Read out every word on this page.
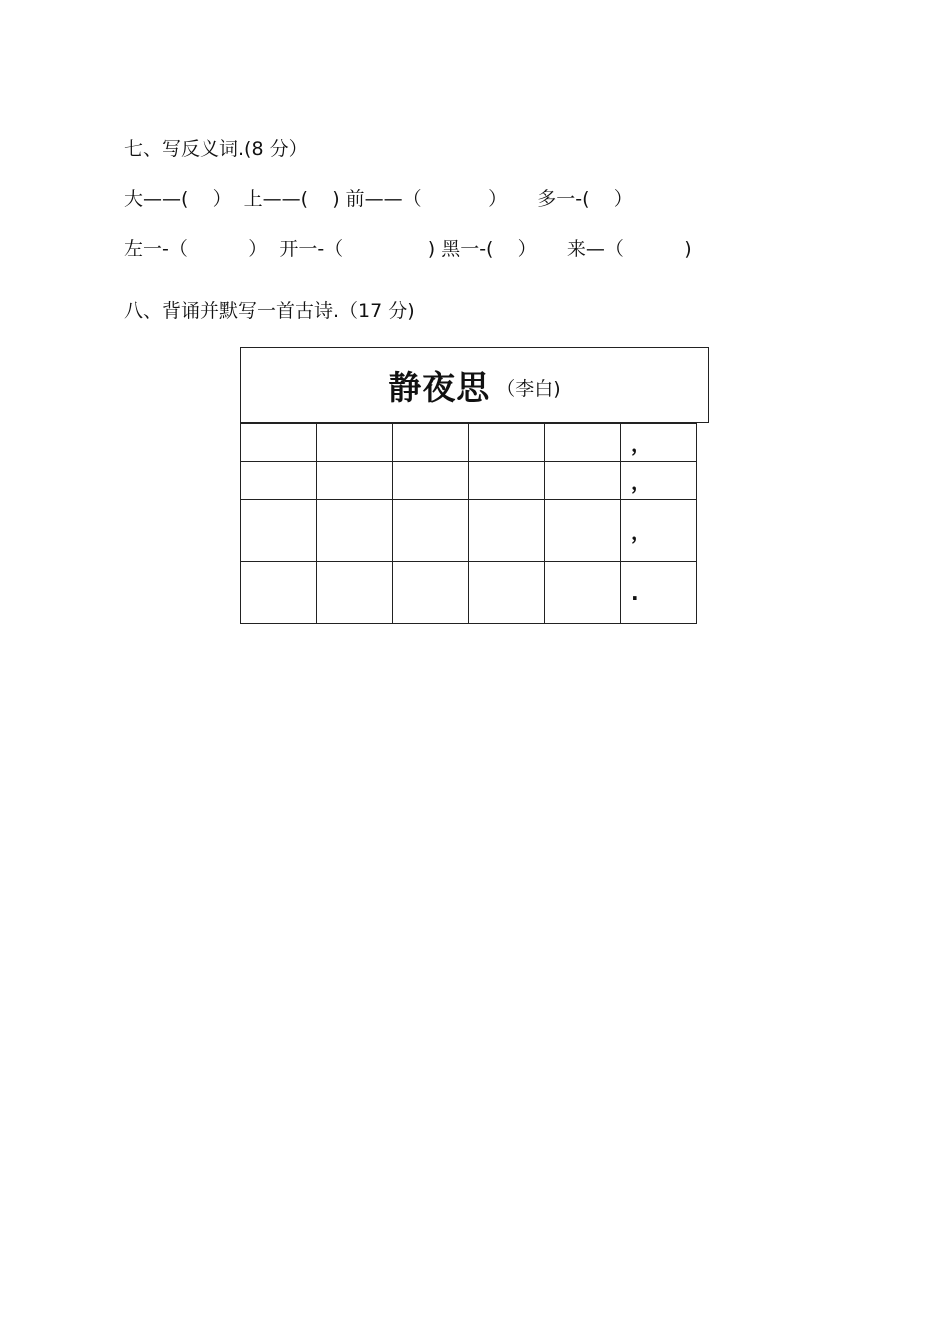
七、写反义词.(8 分）
大——(    ）  上——(    ) 前——（           ）     多一-(    ）
左一-（          ）  开一-（              ) 黑一-(    ）     来—（          )
八、背诵并默写一首古诗.（17 分)
静夜思 （李白)
					，
					，
					，
					.
